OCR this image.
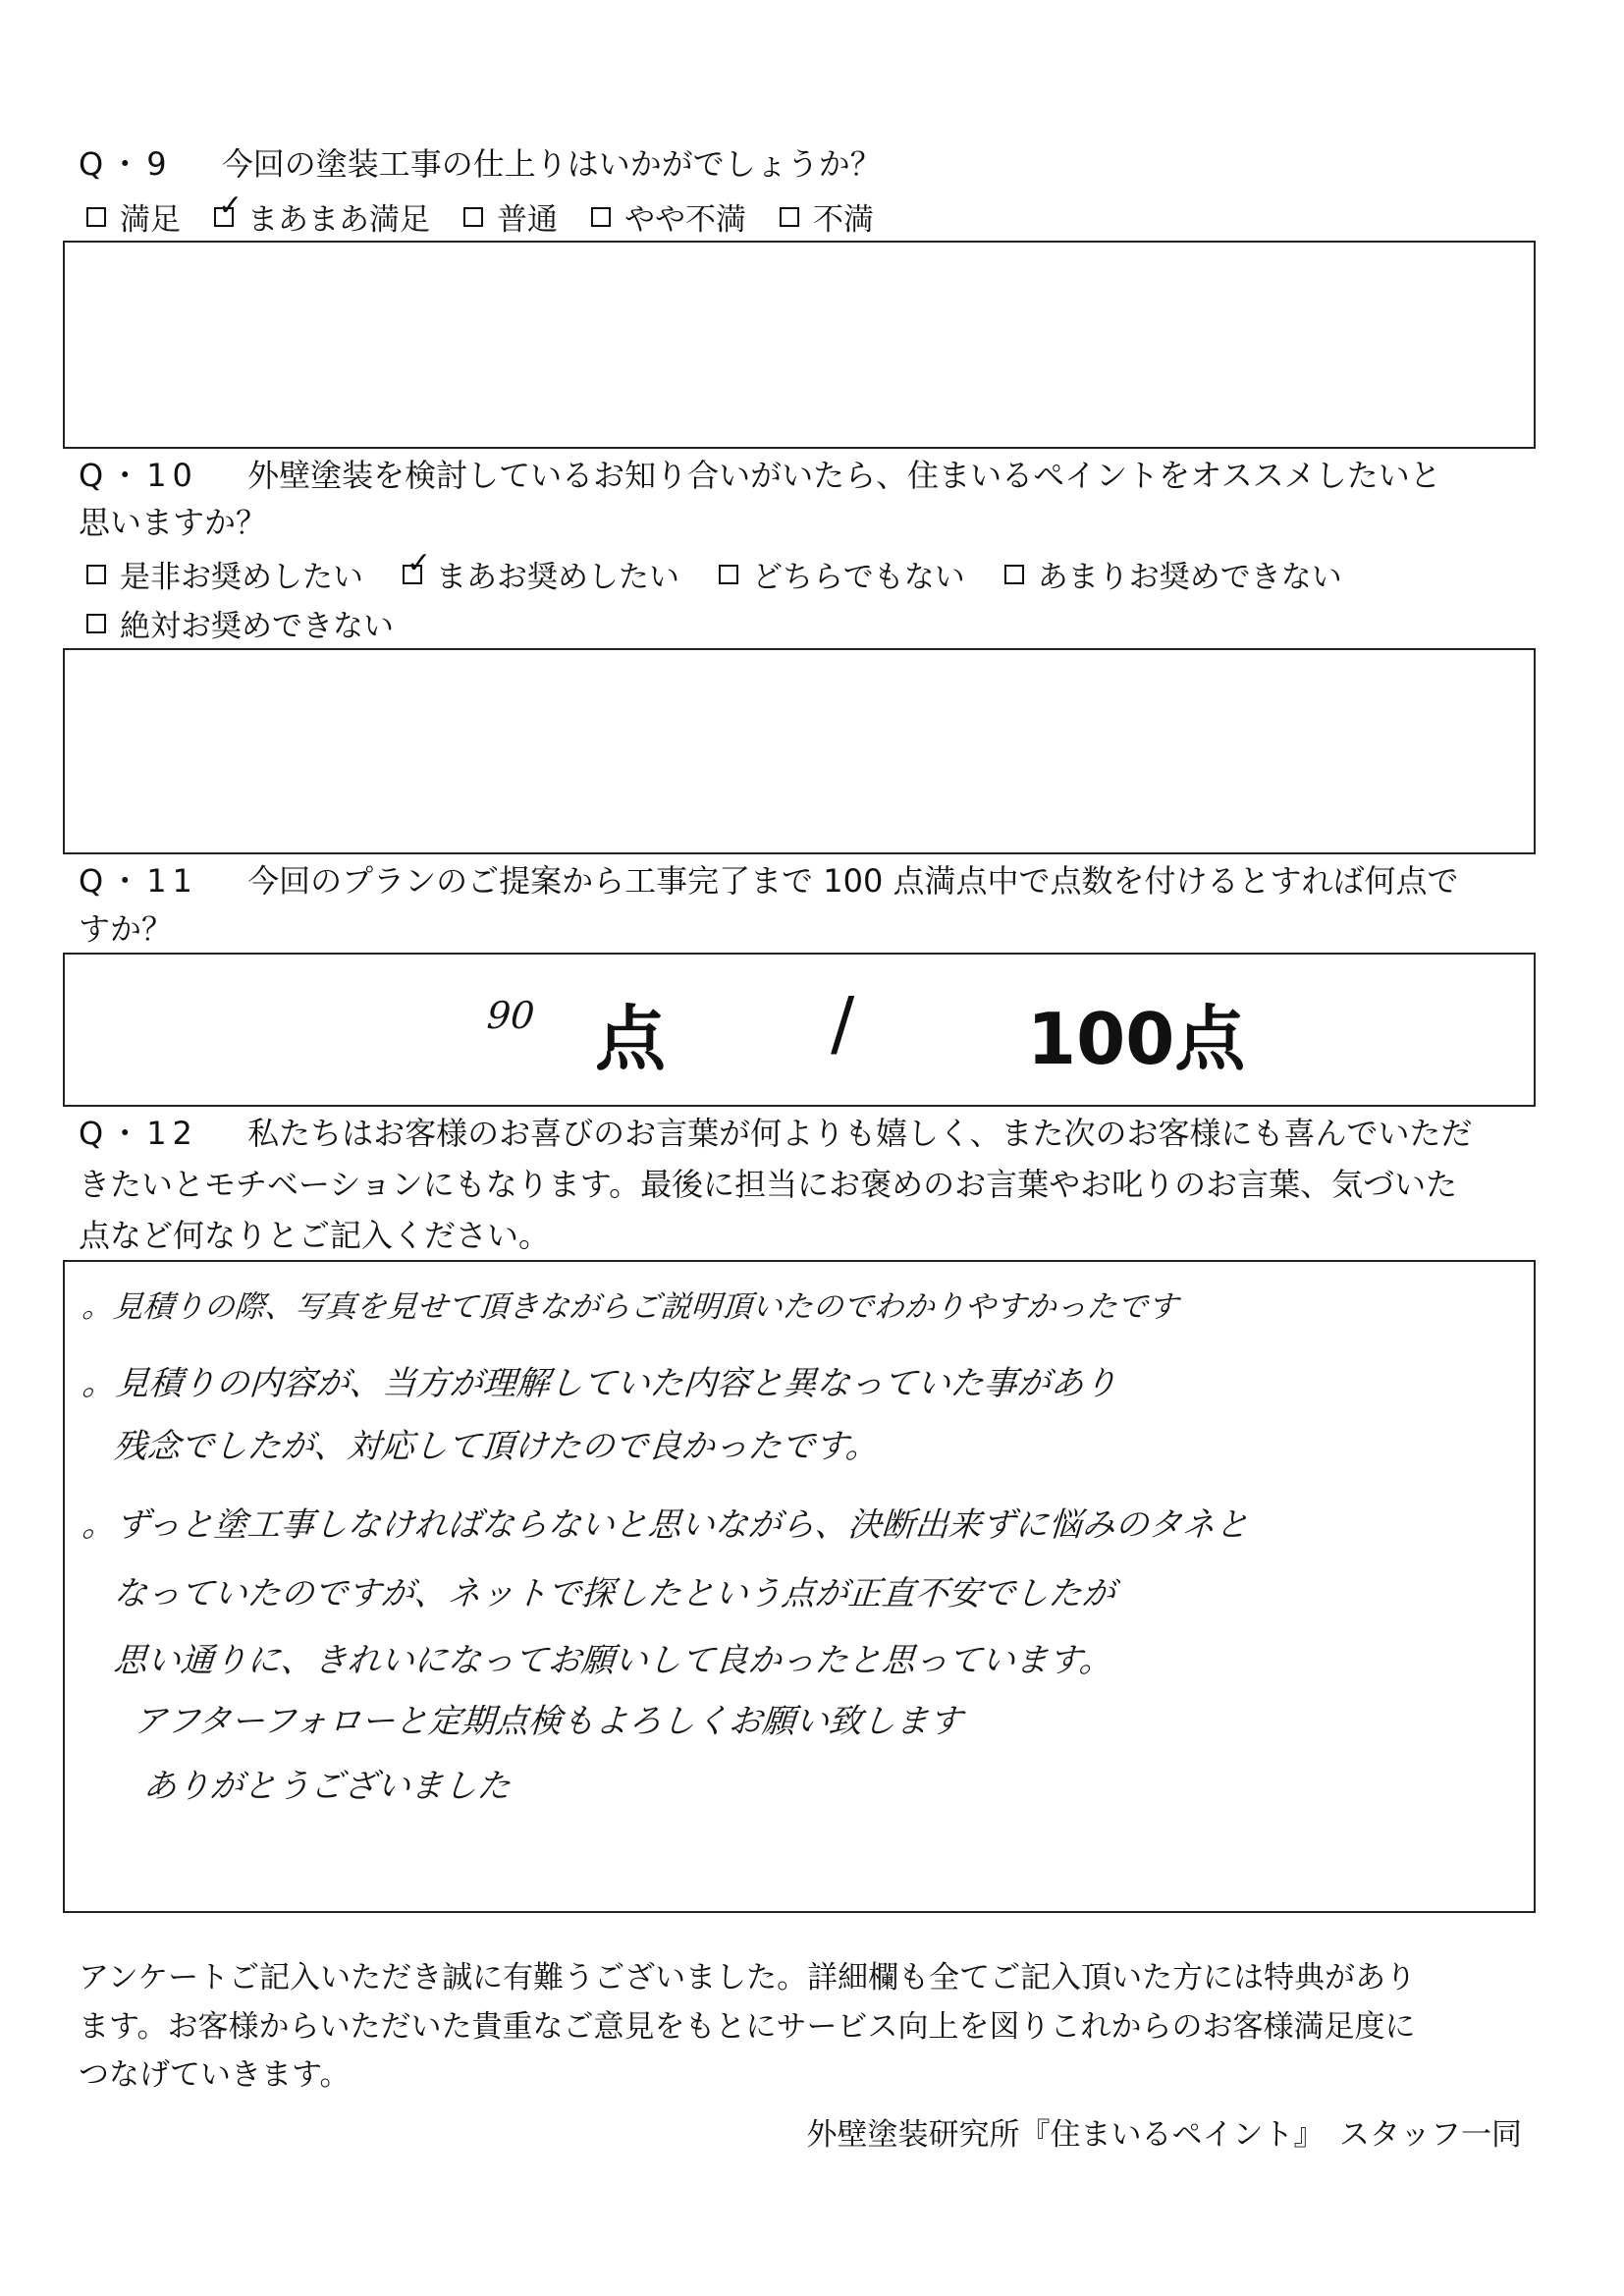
Q・9 今回の塗装工事の仕上りはいかがでしょうか？
満足 ✓ まあまあ満足 普通 やや不満 不満
Q・10 外壁塗装を検討しているお知り合いがいたら、住まいるペイントをオススメしたいと
思いますか？
是非お奨めしたい ✓ まあお奨めしたい どちらでもない あまりお奨めできない
絶対お奨めできない
Q・11 今回のプランのご提案から工事完了まで 100 点満点中で点数を付けるとすれば何点で
すか？
90 点 / 100点
Q・12 私たちはお客様のお喜びのお言葉が何よりも嬉しく、また次のお客様にも喜んでいただ
きたいとモチベーションにもなります。最後に担当にお褒めのお言葉やお叱りのお言葉、気づいた
点など何なりとご記入ください。
。見積りの際、写真を見せて頂きながらご説明頂いたのでわかりやすかったです
。見積りの内容が、当方が理解していた内容と異なっていた事があり
残念でしたが、対応して頂けたので良かったです。
。ずっと塗工事しなければならないと思いながら、決断出来ずに悩みのタネと
なっていたのですが、ネットで探したという点が正直不安でしたが
思い通りに、きれいになってお願いして良かったと思っています。
アフターフォローと定期点検もよろしくお願い致します
ありがとうございました
アンケートご記入いただき誠に有難うございました。詳細欄も全てご記入頂いた方には特典があり
ます。お客様からいただいた貴重なご意見をもとにサービス向上を図りこれからのお客様満足度に
つなげていきます。
外壁塗装研究所『住まいるペイント』　スタッフ一同
